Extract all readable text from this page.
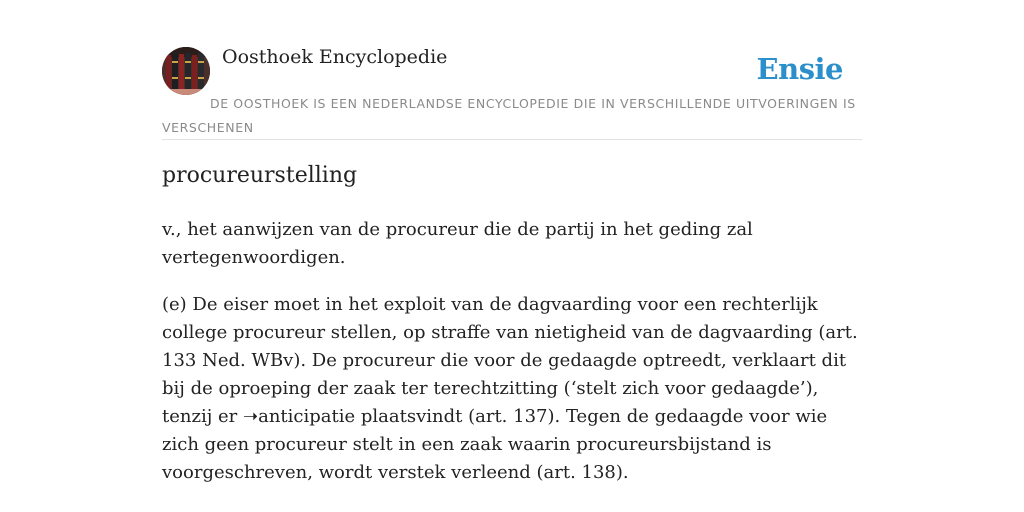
Oosthoek Encyclopedie	Ensie
DE OOSTHOEK IS EEN NEDERLANDSE ENCYCLOPEDIE DIE IN VERSCHILLENDE UITVOERINGEN IS VERSCHENEN
procureurstelling

v., het aanwijzen van de procureur die de partij in het geding zal vertegenwoordigen.

(e) De eiser moet in het exploit van de dagvaarding voor een rechterlijk college procureur stellen, op straffe van nietigheid van de dagvaarding (art. 133 Ned. WBv). De procureur die voor de gedaagde optreedt, verklaart dit bij de oproeping der zaak ter terechtzitting (‘stelt zich voor gedaagde’), tenzij er ➝anticipatie plaatsvindt (art. 137). Tegen de gedaagde voor wie zich geen procureur stelt in een zaak waarin procureursbijstand is voorgeschreven, wordt verstek verleend (art. 138).
